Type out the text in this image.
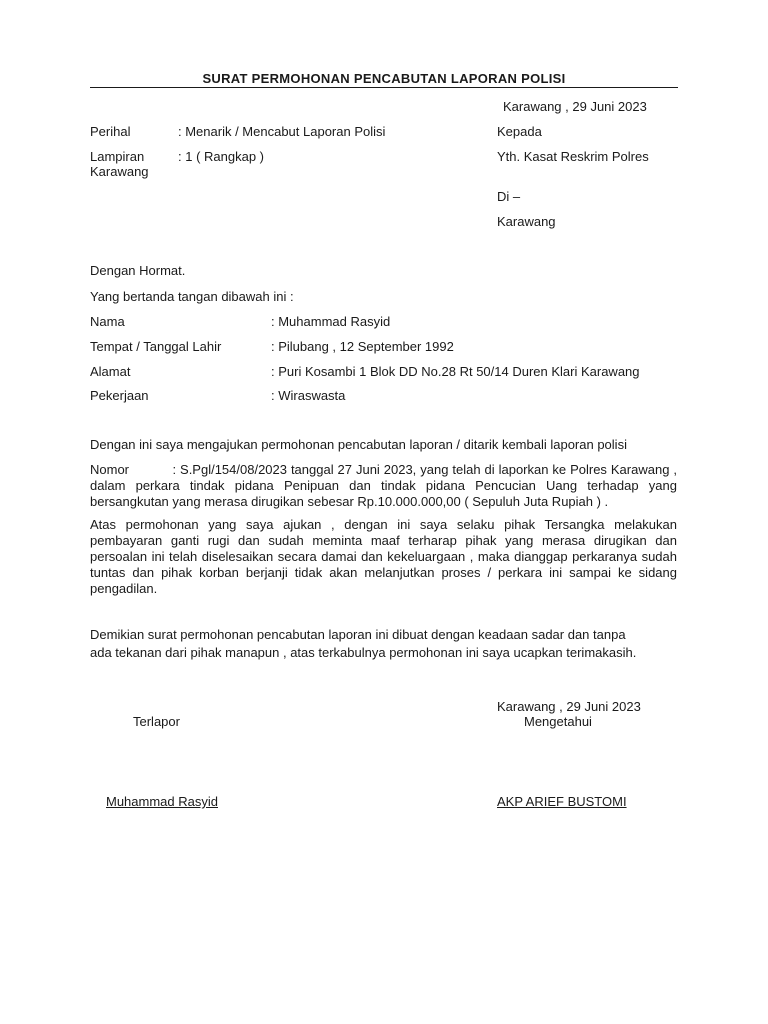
SURAT PERMOHONAN PENCABUTAN LAPORAN POLISI
Karawang , 29 Juni 2023
Perihal	: Menarik / Mencabut Laporan Polisi	Kepada
Lampiran	: 1 ( Rangkap )	Yth. Kasat Reskrim Polres
Karawang
Di –
Karawang
Dengan Hormat.
Yang bertanda tangan dibawah ini :
Nama	: Muhammad Rasyid
Tempat / Tanggal Lahir	: Pilubang , 12 September 1992
Alamat	: Puri Kosambi 1 Blok DD No.28 Rt 50/14 Duren Klari Karawang
Pekerjaan	: Wiraswasta
Dengan ini saya mengajukan permohonan pencabutan laporan / ditarik kembali laporan polisi
Nomor           : S.Pgl/154/08/2023 tanggal 27 Juni 2023, yang telah di laporkan ke Polres Karawang , dalam perkara tindak pidana Penipuan dan tindak pidana Pencucian Uang terhadap yang bersangkutan yang merasa dirugikan sebesar Rp.10.000.000,00 ( Sepuluh Juta Rupiah ) .
Atas permohonan yang saya ajukan , dengan ini saya selaku pihak Tersangka melakukan pembayaran ganti rugi dan sudah meminta maaf terharap pihak yang merasa dirugikan dan persoalan ini telah diselesaikan secara damai dan kekeluargaan , maka dianggap perkaranya sudah tuntas dan pihak korban berjanji tidak akan melanjutkan proses / perkara ini sampai ke sidang pengadilan.
Demikian surat permohonan pencabutan laporan ini dibuat dengan keadaan sadar dan tanpa
ada tekanan dari pihak manapun , atas terkabulnya permohonan ini saya ucapkan terimakasih.
Karawang , 29 Juni 2023
Terlapor	Mengetahui
Muhammad Rasyid	AKP ARIEF BUSTOMI
